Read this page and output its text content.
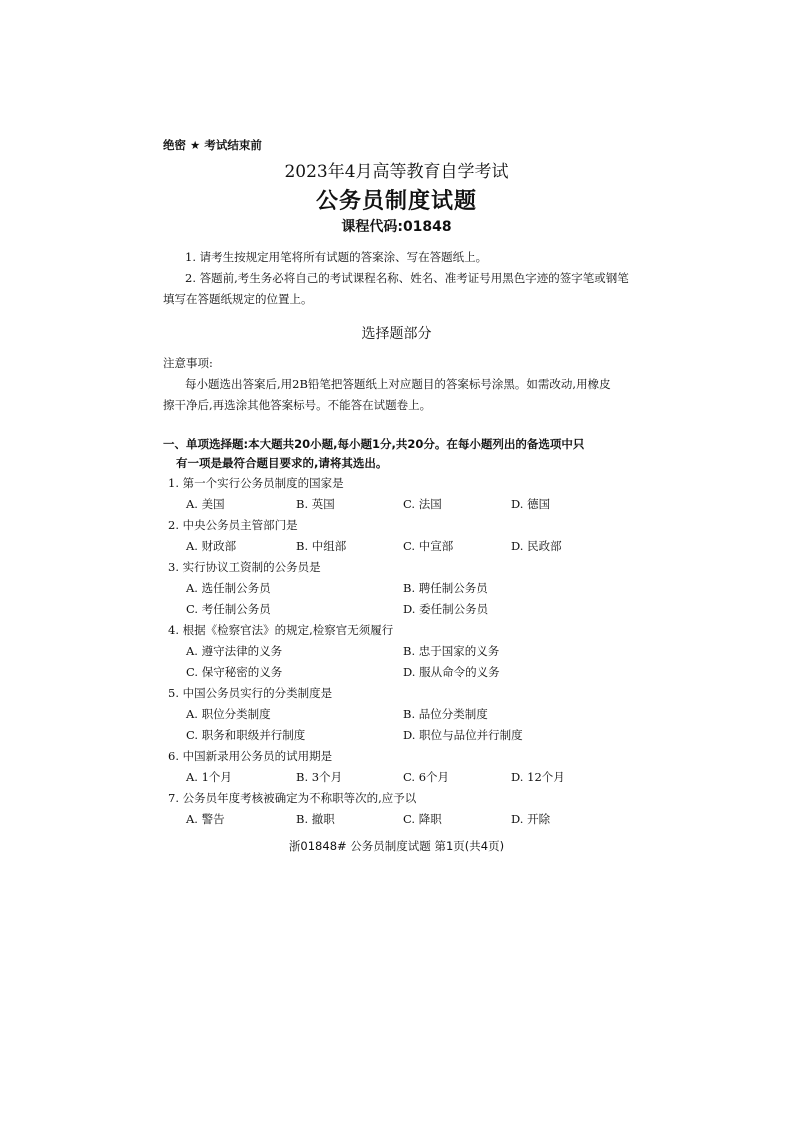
绝密 ★ 考试结束前
2023年4月高等教育自学考试
公务员制度试题
课程代码:01848

1. 请考生按规定用笔将所有试题的答案涂、写在答题纸上。

2. 答题前,考生务必将自己的考试课程名称、姓名、准考证号用黑色字迹的签字笔或钢笔

填写在答题纸规定的位置上。

选择题部分

注意事项:

每小题选出答案后,用2B铅笔把答题纸上对应题目的答案标号涂黑。如需改动,用橡皮

擦干净后,再选涂其他答案标号。不能答在试题卷上。

一、单项选择题:本大题共20小题,每小题1分,共20分。在每小题列出的备选项中只

有一项是最符合题目要求的,请将其选出。

1. 第一个实行公务员制度的国家是
A. 美国	B. 英国	C. 法国	D. 德国
2. 中央公务员主管部门是
A. 财政部	B. 中组部	C. 中宣部	D. 民政部
3. 实行协议工资制的公务员是
A. 选任制公务员	B. 聘任制公务员
C. 考任制公务员	D. 委任制公务员
4. 根据《检察官法》的规定,检察官无须履行
A. 遵守法律的义务	B. 忠于国家的义务
C. 保守秘密的义务	D. 服从命令的义务
5. 中国公务员实行的分类制度是
A. 职位分类制度	B. 品位分类制度
C. 职务和职级并行制度	D. 职位与品位并行制度
6. 中国新录用公务员的试用期是
A. 1个月	B. 3个月	C. 6个月	D. 12个月
7. 公务员年度考核被确定为不称职等次的,应予以
A. 警告	B. 撤职	C. 降职	D. 开除
浙01848# 公务员制度试题 第1页(共4页)
